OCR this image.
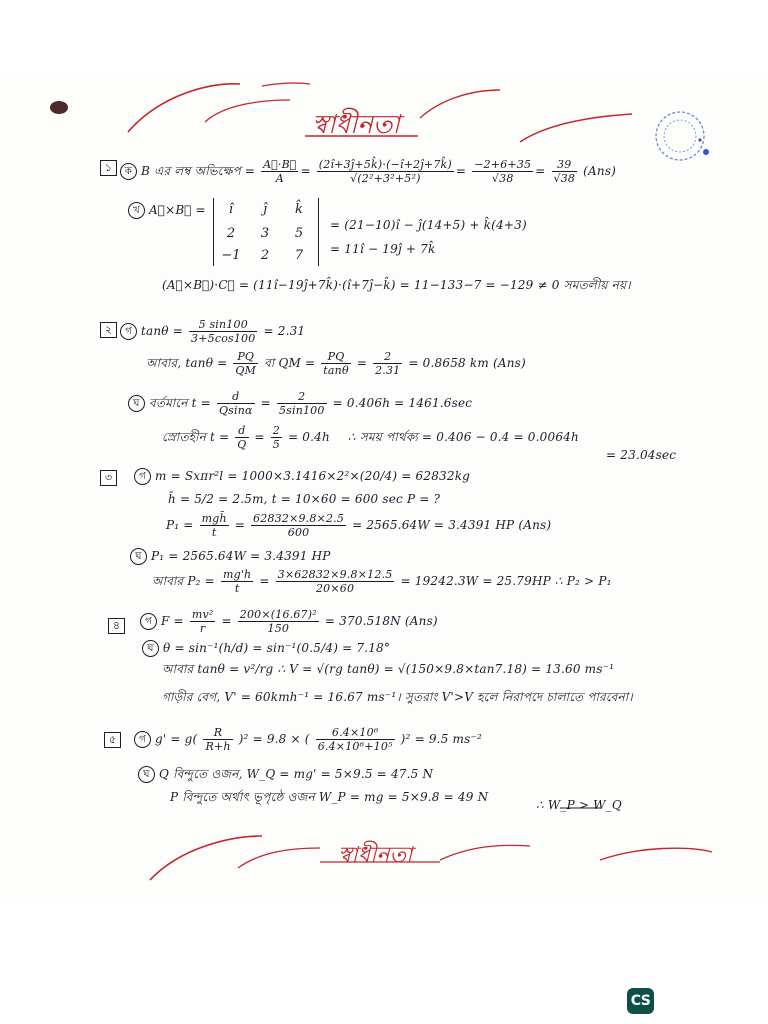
স্বাধীনতা
১	ক B এর লম্ব অভিক্ষেপ = $\frac{A⃗\cdot B⃗}{A} = \frac{(2î+3ĵ+5k̂)\cdot(-î+2ĵ+7k̂)}{\text{√(2²+3²+5²)}} = \frac{-2+6+35}{√38} = \frac{39}{√38} (Ans)$
খ A⃗×B⃗ =	î	ĵ	k̂
2	3	5
−1	2	7
= (21−10)î − ĵ(14+5) + k̂(4+3)
= 11î − 19ĵ + 7k̂
(A⃗×B⃗)·C⃗ = (11î−19ĵ+7k̂)·(î+7ĵ−k̂) = 11−133−7 = −129 ≠ 0 সমতলীয় নয়।
২	গ $\tan\theta = \frac{5 \sin 100}{3+5\cos 100} = 2.31$
আবার, $\tan\theta = \frac{PQ}{QM}$ বা QM = $\frac{PQ}{\tan\theta} = \frac{2}{2.31} = 0.8658$ km (Ans)
ঘ বর্তমানে $t = \frac{d}{Qsin\alpha} = \frac{2}{5\sin 100} = 0.406h = 1461.6\sec$
স্রোতহীন $t = \frac{d}{Q} = \frac{2}{5} = 0.4h$ ∴ সময় পার্থক্য = 0.406 − 0.4 = 0.0064h
= 23.04sec
৩	গ m = Sxπr²l = 1000×3.1416×2²×(20/4) = 62832kg
h̄ = 5/2 = 2.5m, t = 10×60 = 600 sec P = ?
$P_1 = \frac{\text{mgh̄}}{t} = \frac{62832\times 9.8\times 2.5}{600} = 2565.64W = 3.4391$ HP (Ans)
ঘ P₁ = 2565.64W = 3.4391 HP
আবার $P_2 = \frac{mg'h}{t} = \frac{3\times 62832\times 9.8\times 12.5}{20\times 60} = 19242.3W = 25.79HP$ ∴ P₂ > P₁
৪	গ $F = \frac{\text{mv²}}{r} = \frac{\text{200×(16.67)²}}{150} = 370.518N$ (Ans)
ঘ θ = sin⁻¹(h/d) = sin⁻¹(0.5/4) = 7.18°
আবার tanθ = v²/rg ∴ V = √(rg tanθ) = √(150×9.8×tan7.18) = 13.60 ms⁻¹
গাড়ীর বেগ, V' = 60kmh⁻¹ = 16.67 ms⁻¹। সুতরাং V'>V হলে নিরাপদে চালাতে পারবেনা।
৫	গ $g' = g( \frac{R}{R+h} )^2 = 9.8$ × ( $\frac{\text{6.4×10⁶}}{\text{6.4×10⁶+10⁵}} )^2 = 9.5$ ms⁻²
ঘ Q বিন্দুতে ওজন, W_Q = mg' = 5×9.5 = 47.5 N
P বিন্দুতে অর্থাৎ ভূপৃষ্ঠে ওজন W_P = mg = 5×9.8 = 49 N
∴ W_P > W_Q
স্বাধীনতা
CS
